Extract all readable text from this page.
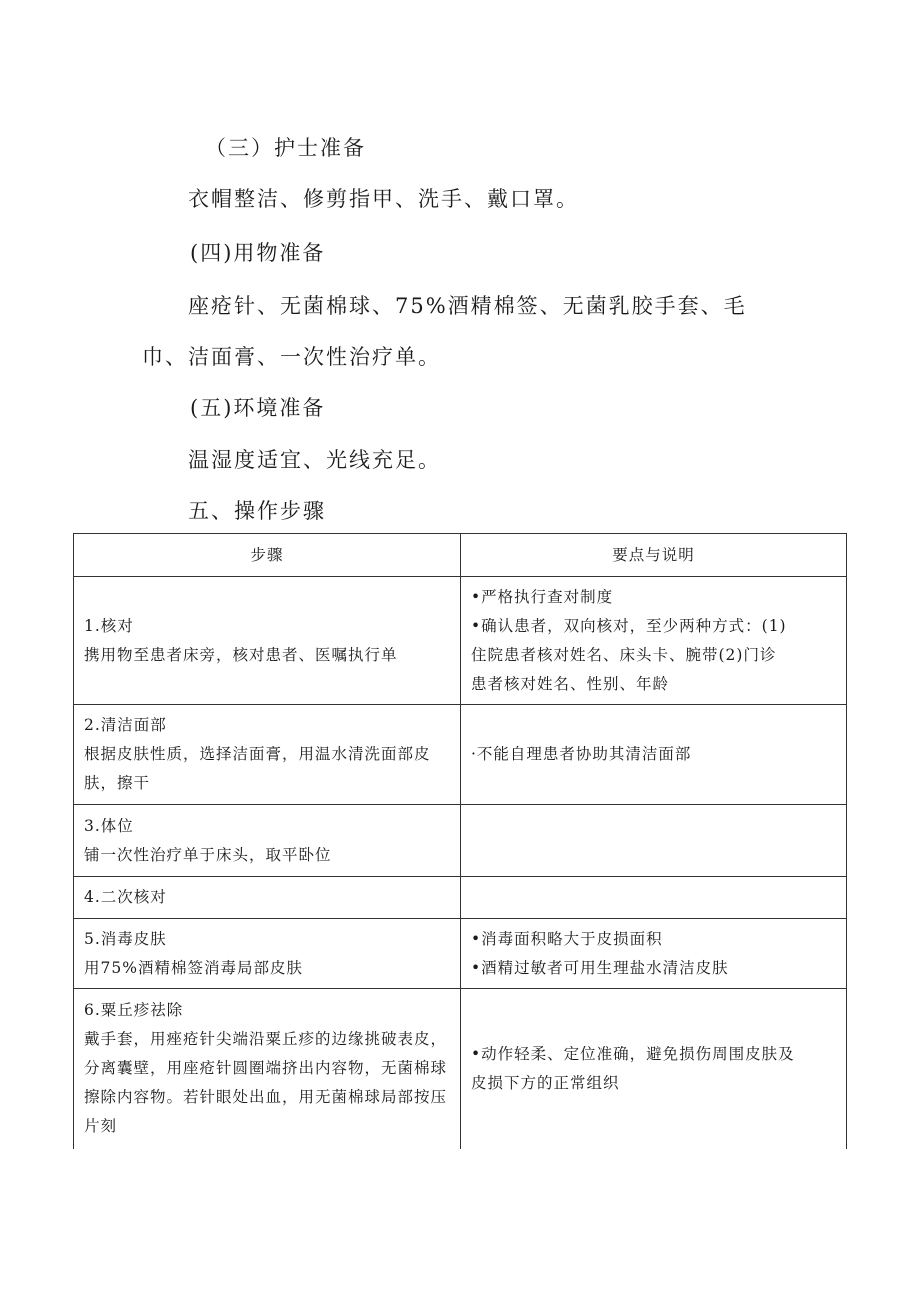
（三）护士准备
衣帽整洁、修剪指甲、洗手、戴口罩。
(四)用物准备
座疮针、无菌棉球、75%酒精棉签、无菌乳胶手套、毛
巾、洁面膏、一次性治疗单。
(五)环境准备
温湿度适宜、光线充足。
五、操作步骤
步骤	要点与说明

1.核对
携用物至患者床旁，核对患者、医嘱执行单	•严格执行查对制度
•确认患者，双向核对，至少两种方式：(1)
住院患者核对姓名、床头卡、腕带(2)门诊
患者核对姓名、性别、年龄

2.清洁面部
根据皮肤性质，选择洁面膏，用温水清洗面部皮肤，擦干	·不能自理患者协助其清洁面部

3.体位
铺一次性治疗单于床头，取平卧位	

4.二次核对	

5.消毒皮肤
用75%酒精棉签消毒局部皮肤	•消毒面积略大于皮损面积
•酒精过敏者可用生理盐水清洁皮肤

6.粟丘疹祛除
戴手套，用痤疮针尖端沿粟丘疹的边缘挑破表皮，分离囊壁，用座疮针圆圈端挤出内容物，无菌棉球擦除内容物。若针眼处出血，用无菌棉球局部按压片刻	•动作轻柔、定位准确，避免损伤周围皮肤及
皮损下方的正常组织
